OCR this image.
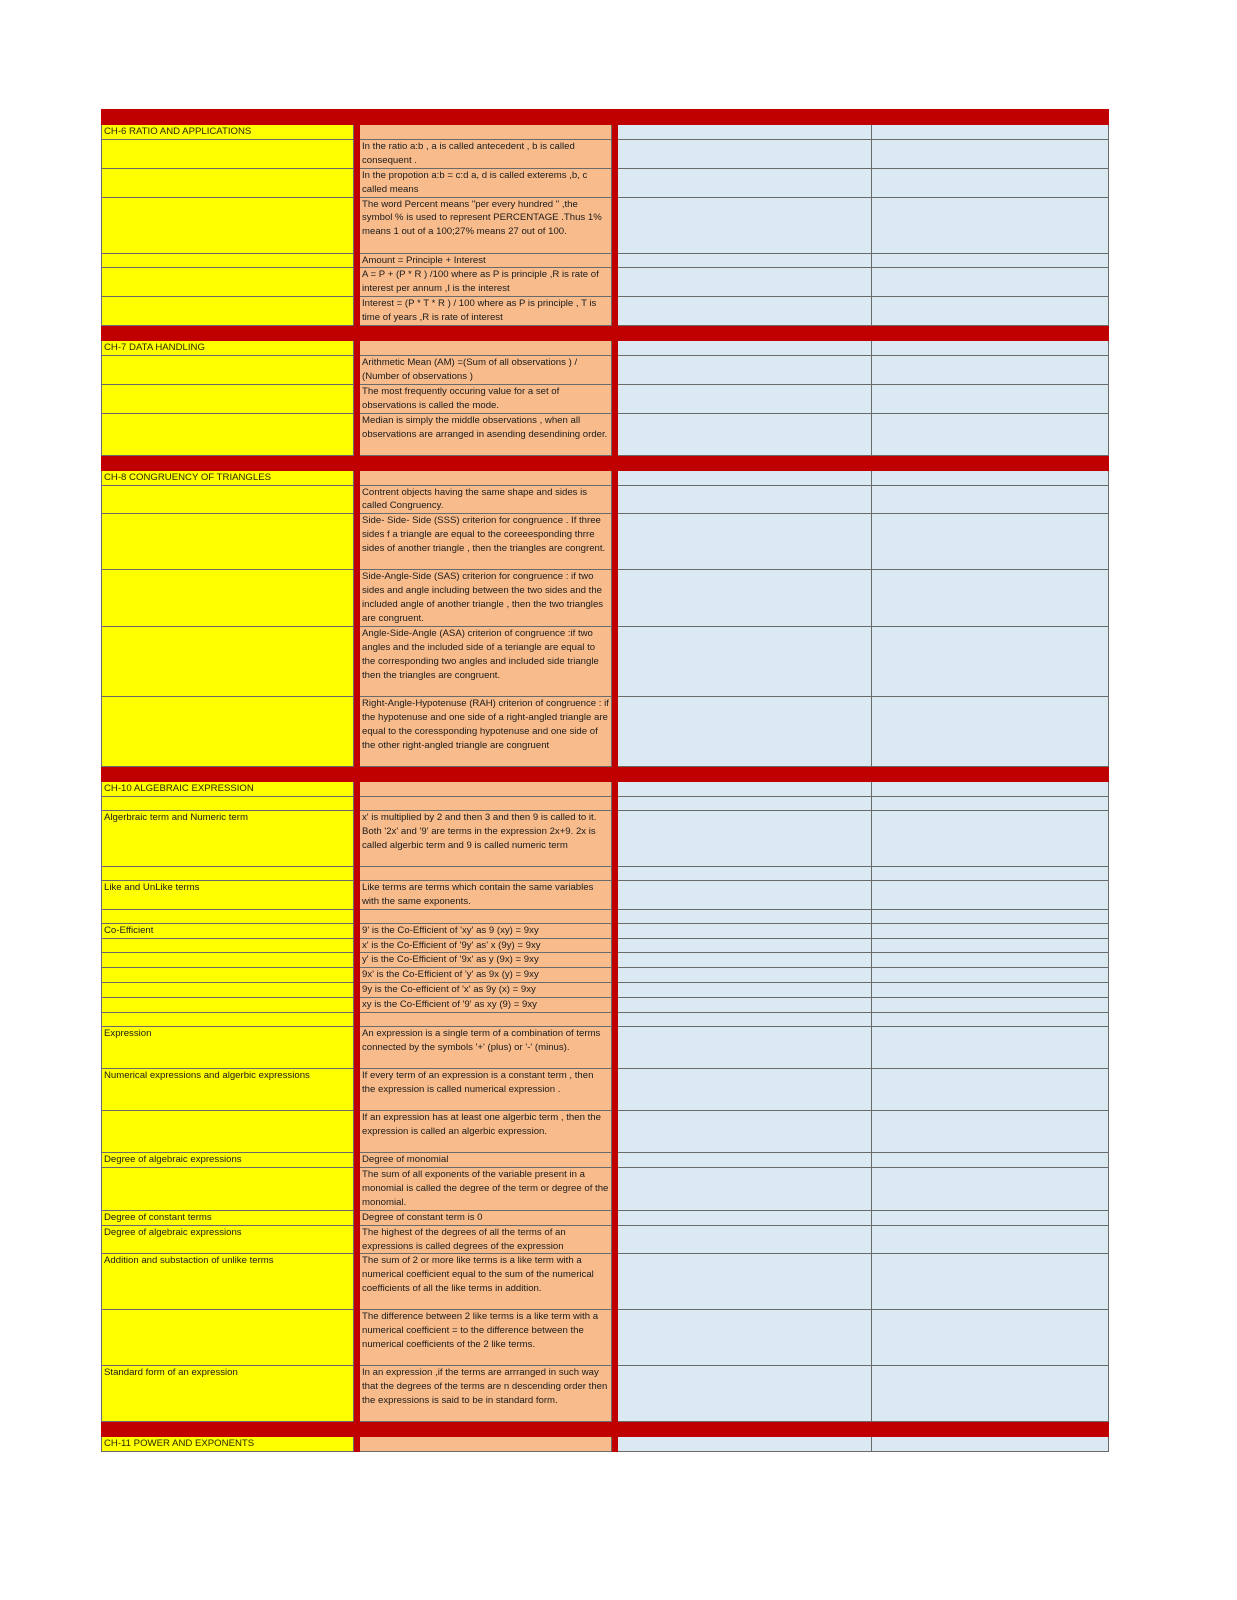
CH-6 RATIO AND APPLICATIONS					
		In the ratio a:b , a is called antecedent , b is called consequent .			
		In the propotion a:b = c:d a, d is called exterems ,b, c called means			
		The word Percent means "per every hundred " ,the symbol % is used to represent PERCENTAGE .Thus 1% means 1 out of a 100;27% means 27 out of 100.			
		Amount = Principle + Interest			
		A = P + (P * R ) /100 where as P is principle ,R is rate of interest per annum ,I is the interest			
		Interest = (P * T * R ) / 100 where as P is principle , T is time of years ,R is rate of interest			

CH-7 DATA HANDLING					
		Arithmetic Mean (AM) =(Sum of all observations ) / (Number of observations )			
		The most frequently occuring value for a set of observations is called the mode.			
		Median is simply the middle observations , when all observations are arranged in asending desendining order.			

CH-8 CONGRUENCY OF TRIANGLES					
		Contrent objects having the same shape and sides is called Congruency.			
		Side- Side- Side (SSS) criterion for congruence . If three sides f a triangle are equal to the coreeesponding thrre sides of another triangle , then the triangles are congrent.			
		Side-Angle-Side (SAS) criterion for congruence : if two sides and angle including between the two sides and the included angle of another triangle , then the two triangles are congruent.			
		Angle-Side-Angle (ASA) criterion of congruence :if two angles and the included side of a teriangle are equal to the corresponding two angles and included side triangle then the triangles are congruent.			
		Right-Angle-Hypotenuse (RAH) criterion of congruence : if the hypotenuse and one side of a right-angled triangle are equal to the coressponding hypotenuse and one side of the other right-angled triangle are congruent			

CH-10 ALGEBRAIC EXPRESSION					

Algerbraic term and Numeric term		x' is multiplied by 2 and then 3 and then 9 is called to it. Both '2x' and '9' are terms in the expression 2x+9. 2x is called algerbic term and 9 is called numeric term			

Like and UnLike terms		Like terms are terms which contain the same variables with the same exponents.			

Co-Efficient		9' is the Co-Efficient of 'xy' as 9 (xy) = 9xy			
		x' is the Co-Efficient of '9y' as' x (9y) = 9xy			
		y' is the Co-Efficient of '9x' as y (9x) = 9xy			
		9x' is the Co-Efficient of 'y' as 9x (y) = 9xy			
		9y is the Co-efficient of 'x' as 9y (x) = 9xy			
		xy is the Co-Efficient of '9' as xy (9) = 9xy			

Expression		An expression is a single term of a combination of terms connected by the symbols '+' (plus) or '-' (minus).			
Numerical expressions and algerbic expressions		If every term of an expression is a constant term , then the expression is called numerical expression .			
		If an expression has at least one algerbic term , then the expression is called an algerbic expression.			
Degree of algebraic expressions		Degree of monomial			
		The sum of all exponents of the variable present in a monomial is called the degree of the term or degree of the monomial.			
Degree of constant terms		Degree of constant term is 0			
Degree of algebraic expressions		The highest of the degrees of all the terms of an expressions is called degrees of the expression			
Addition and substaction of unlike terms		The sum of 2 or more like terms is a like term with a numerical coefficient equal to the sum of the numerical coefficients of all the like terms in addition.			
		The difference between 2 like terms is a like term with a numerical coefficient = to the difference between the numerical coefficients of the 2 like terms.			
Standard form of an expression		In an expression ,if the terms are arrranged in such way that the degrees of the terms are n descending order then the expressions is said to be in standard form.			

CH-11 POWER AND EXPONENTS					
